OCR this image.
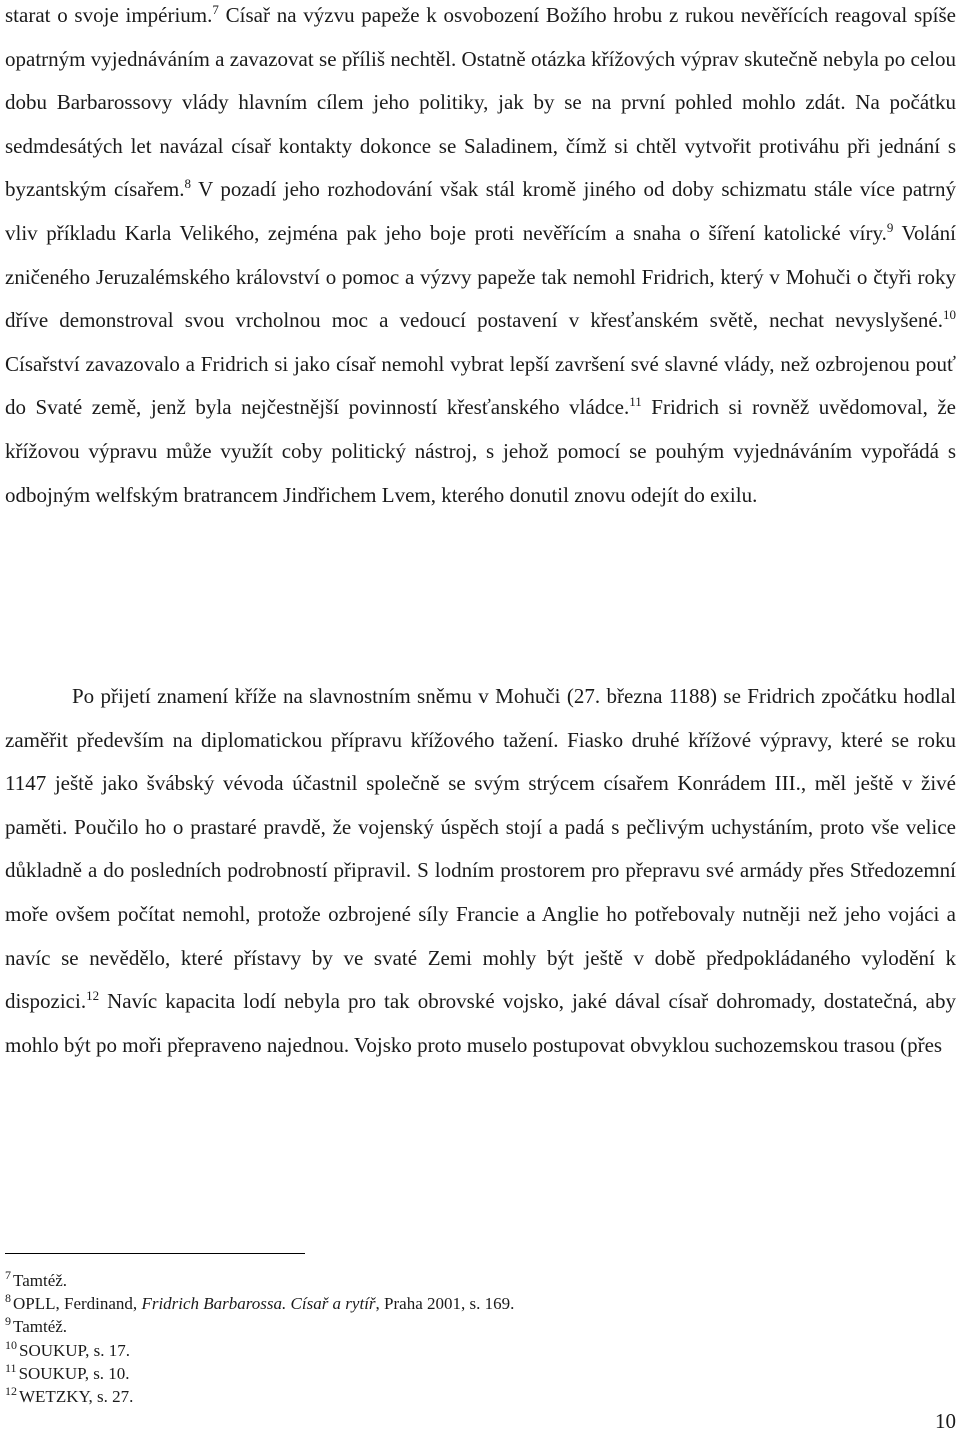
starat o svoje impérium.$^7$ Císař na výzvu papeže k osvobození Božího hrobu z rukou nevěřících reagoval spíše opatrným vyjednáváním a zavazovat se příliš nechtěl. Ostatně otázka křížových výprav skutečně nebyla po celou dobu Barbarossovy vlády hlavním cílem jeho politiky, jak by se na první pohled mohlo zdát. Na počátku sedmdesátých let navázal císař kontakty dokonce se Saladinem, čímž si chtěl vytvořit protiváhu při jednání s byzantským císařem.$^8$ V pozadí jeho rozhodování však stál kromě jiného od doby schizmatu stále více patrný vliv příkladu Karla Velikého, zejména pak jeho boje proti nevěřícím a snaha o šíření katolické víry.$^9$ Volání zničeného Jeruzalémského království o pomoc a výzvy papeže tak nemohl Fridrich, který v Mohuči o čtyři roky dříve demonstroval svou vrcholnou moc a vedoucí postavení v křesťanském světě, nechat nevyslyšené.$^{10}$ Císařství zavazovalo a Fridrich si jako císař nemohl vybrat lepší završení své slavné vlády, než ozbrojenou pouť do Svaté země, jenž byla nejčestnější povinností křesťanského vládce.$^{11}$ Fridrich si rovněž uvědomoval, že křížovou výpravu může využít coby politický nástroj, s jehož pomocí se pouhým vyjednáváním vypořádá s odbojným welfským bratrancem Jindřichem Lvem, kterého donutil znovu odejít do exilu.

Po přijetí znamení kříže na slavnostním sněmu v Mohuči (27. března 1188) se Fridrich zpočátku hodlal zaměřit především na diplomatickou přípravu křížového tažení. Fiasko druhé křížové výpravy, které se roku 1147 ještě jako švábský vévoda účastnil společně se svým strýcem císařem Konrádem III., měl ještě v živé paměti. Poučilo ho o prastaré pravdě, že vojenský úspěch stojí a padá s pečlivým uchystáním, proto vše velice důkladně a do posledních podrobností připravil. S lodním prostorem pro přepravu své armády přes Středozemní moře ovšem počítat nemohl, protože ozbrojené síly Francie a Anglie ho potřebovaly nutněji než jeho vojáci a navíc se nevědělo, které přístavy by ve svaté Zemi mohly být ještě v době předpokládaného vylodění k dispozici.$^{12}$ Navíc kapacita lodí nebyla pro tak obrovské vojsko, jaké dával císař dohromady, dostatečná, aby mohlo být po moři přepraveno najednou. Vojsko proto muselo postupovat obvyklou suchozemskou trasou (přes

$^7$ Tamtéž.
$^8$ OPLL, Ferdinand, Fridrich Barbarossa. Císař a rytíř, Praha 2001, s. 169.
$^9$ Tamtéž.
$^{10}$ SOUKUP, s. 17.
$^{11}$ SOUKUP, s. 10.
$^{12}$ WETZKY, s. 27.
10
